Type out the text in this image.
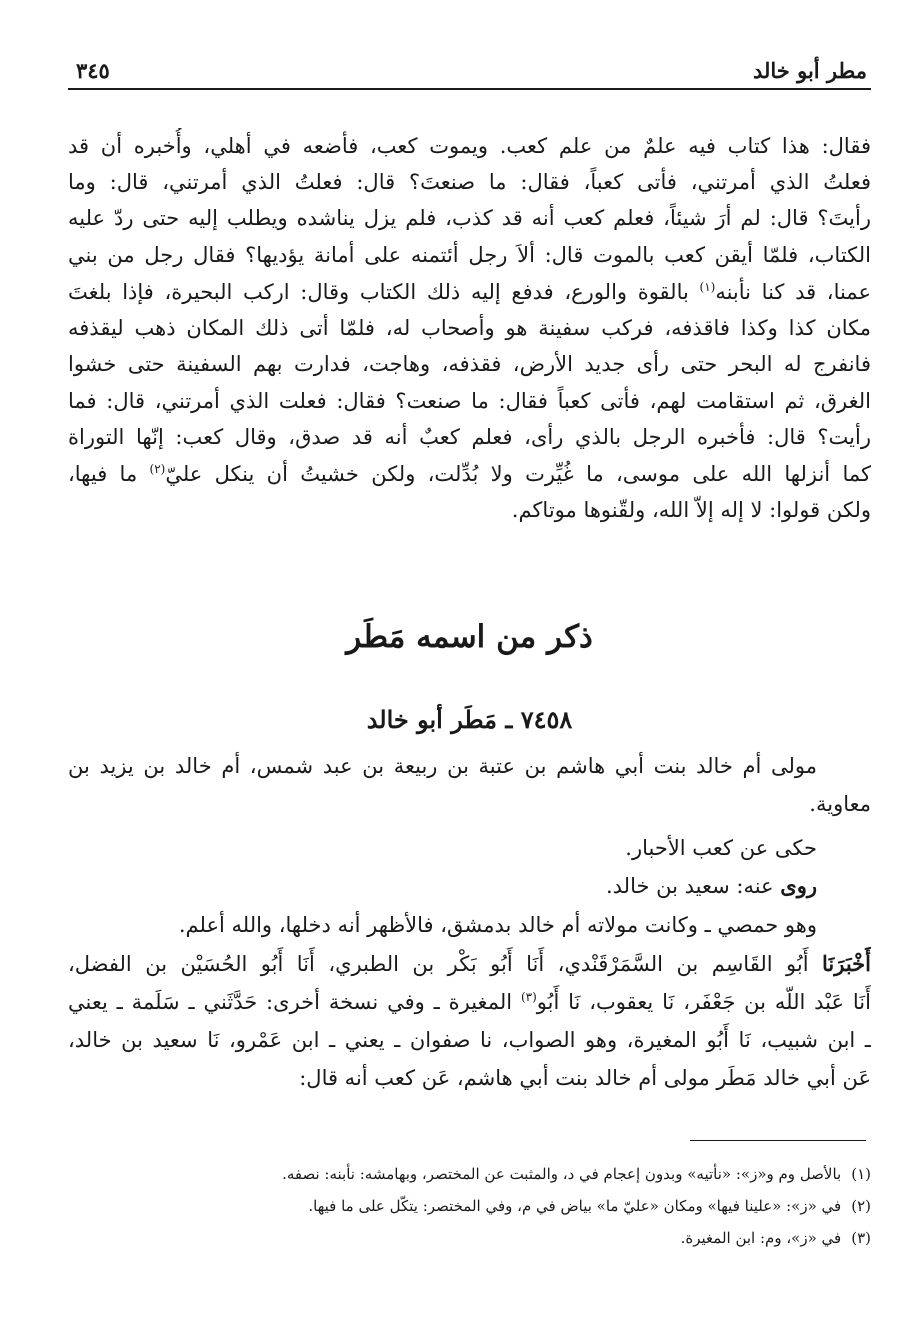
مطر أبو خالد
٣٤٥
فقال: هذا كتاب فيه علمٌ من علم كعب. ويموت كعب، فأضعه في أهلي، وأُخبره أن قد
فعلتُ الذي أمرتني، فأتى كعباً، فقال: ما صنعتَ؟ قال: فعلتُ الذي أمرتني، قال: وما
رأيتَ؟ قال: لم أرَ شيئاً، فعلم كعب أنه قد كذب، فلم يزل يناشده ويطلب إليه حتى ردّ عليه
الكتاب، فلمّا أيقن كعب بالموت قال: ألاَ رجل أئتمنه على أمانة يؤديها؟ فقال رجل من بني
عمنا، قد كنا نأبنه$^{(١)}$ بالقوة والورع، فدفع إليه ذلك الكتاب وقال: اركب البحيرة، فإذا بلغتَ
مكان كذا وكذا فاقذفه، فركب سفينة هو وأصحاب له، فلمّا أتى ذلك المكان ذهب ليقذفه
فانفرج له البحر حتى رأى جديد الأرض، فقذفه، وهاجت، فدارت بهم السفينة حتى خشوا
الغرق، ثم استقامت لهم، فأتى كعباً فقال: ما صنعت؟ فقال: فعلت الذي أمرتني، قال: فما
رأيت؟ قال: فأخبره الرجل بالذي رأى، فعلم كعبٌ أنه قد صدق، وقال كعب: إنّها التوراة
كما أنزلها الله على موسى، ما غُيِّرت ولا بُدِّلت، ولكن خشيتُ أن ينكل عليّ$^{(٢)}$ ما فيها،
ولكن قولوا: لا إله إلاّ الله، ولقّنوها موتاكم.
ذكر من اسمه مَطَر
٧٤٥٨ ـ مَطَر أبو خالد
مولى أم خالد بنت أبي هاشم بن عتبة بن ربيعة بن عبد شمس، أم خالد بن يزيد بن
معاوية.
حكى عن كعب الأحبار.
روى عنه: سعيد بن خالد.
وهو حمصي ـ وكانت مولاته أم خالد بدمشق، فالأظهر أنه دخلها، والله أعلم.
أَخْبَرَنَا أَبُو القَاسِم بن السَّمَرْقَنْدي، أَنَا أَبُو بَكْر بن الطبري، أَنَا أَبُو الحُسَيْن بن الفضل،
أَنَا عَبْد اللّه بن جَعْفَر، نَا يعقوب، نَا أَبُو$^{(٣)}$ المغيرة ـ وفي نسخة أخرى: حَدَّثَني ـ سَلَمة ـ يعني
ـ ابن شبيب، نَا أَبُو المغيرة، وهو الصواب، نا صفوان ـ يعني ـ ابن عَمْرو، نَا سعيد بن خالد،
عَن أبي خالد مَطَر مولى أم خالد بنت أبي هاشم، عَن كعب أنه قال:
(١)بالأصل وم و«ز»: «نأتيه» وبدون إعجام في د، والمثبت عن المختصر، وبهامشه: نأبنه: نصفه.
(٢)في «ز»: «علينا فيها» ومكان «عليّ ما» بياض في م، وفي المختصر: يتكّل على ما فيها.
(٣)في «ز»، وم: ابن المغيرة.
